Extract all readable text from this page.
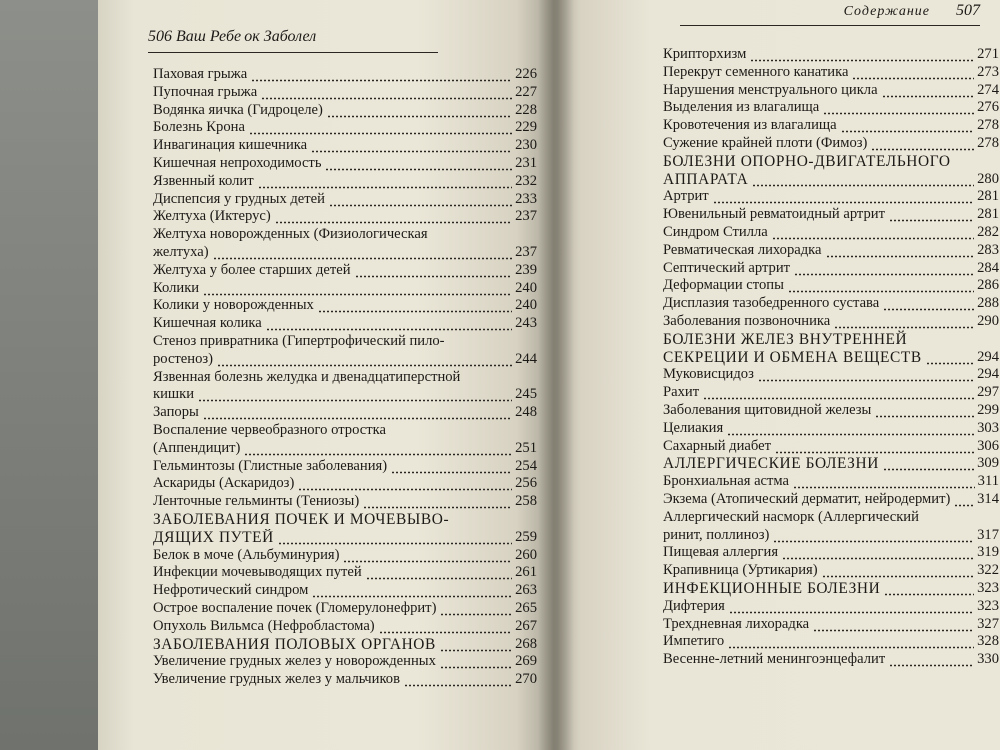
506 Ваш Ребе ок Заболел
Паховая грыжа	226
Пупочная грыжа	227
Водянка яичка (Гидроцеле)	228
Болезнь Крона	229
Инвагинация кишечника	230
Кишечная непроходимость	231
Язвенный колит	232
Диспепсия у грудных детей	233
Желтуха (Иктерус)	237
Желтуха новорожденных (Физиологическая
желтуха)	237
Желтуха у более старших детей	239
Колики	240
Колики у новорожденных	240
Кишечная колика	243
Стеноз привратника (Гипертрофический пило-
ростеноз)	244
Язвенная болезнь желудка и двенадцатиперстной
кишки	245
Запоры	248
Воспаление червеобразного отростка
(Аппендицит)	251
Гельминтозы (Глистные заболевания)	254
Аскариды (Аскаридоз)	256
Ленточные гельминты (Тениозы)	258
ЗАБОЛЕВАНИЯ ПОЧЕК И МОЧЕВЫВО-
ДЯЩИХ ПУТЕЙ	259
Белок в моче (Альбуминурия)	260
Инфекции мочевыводящих путей	261
Нефротический синдром	263
Острое воспаление почек (Гломерулонефрит)	265
Опухоль Вильмса (Нефробластома)	267
ЗАБОЛЕВАНИЯ ПОЛОВЫХ ОРГАНОВ	268
Увеличение грудных желез у новорожденных	269
Увеличение грудных желез у мальчиков	270
Содержание 507
Крипторхизм	271
Перекрут семенного канатика	273
Нарушения менструального цикла	274
Выделения из влагалища	276
Кровотечения из влагалища	278
Сужение крайней плоти (Фимоз)	278
БОЛЕЗНИ ОПОРНО-ДВИГАТЕЛЬНОГО
АППАРАТА	280
Артрит	281
Ювенильный ревматоидный артрит	281
Синдром Стилла	282
Ревматическая лихорадка	283
Септический артрит	284
Деформации стопы	286
Дисплазия тазобедренного сустава	288
Заболевания позвоночника	290
БОЛЕЗНИ ЖЕЛЕЗ ВНУТРЕННЕЙ
СЕКРЕЦИИ И ОБМЕНА ВЕЩЕСТВ	294
Муковисцидоз	294
Рахит	297
Заболевания щитовидной железы	299
Целиакия	303
Сахарный диабет	306
АЛЛЕРГИЧЕСКИЕ БОЛЕЗНИ	309
Бронхиальная астма	311
Экзема (Атопический дерматит, нейродермит) 314
Аллергический насморк (Аллергический
ринит, поллиноз)	317
Пищевая аллергия	319
Крапивница (Уртикария)	322
ИНФЕКЦИОННЫЕ БОЛЕЗНИ	323
Дифтерия	323
Трехдневная лихорадка	327
Импетиго	328
Весенне-летний менингоэнцефалит	330
